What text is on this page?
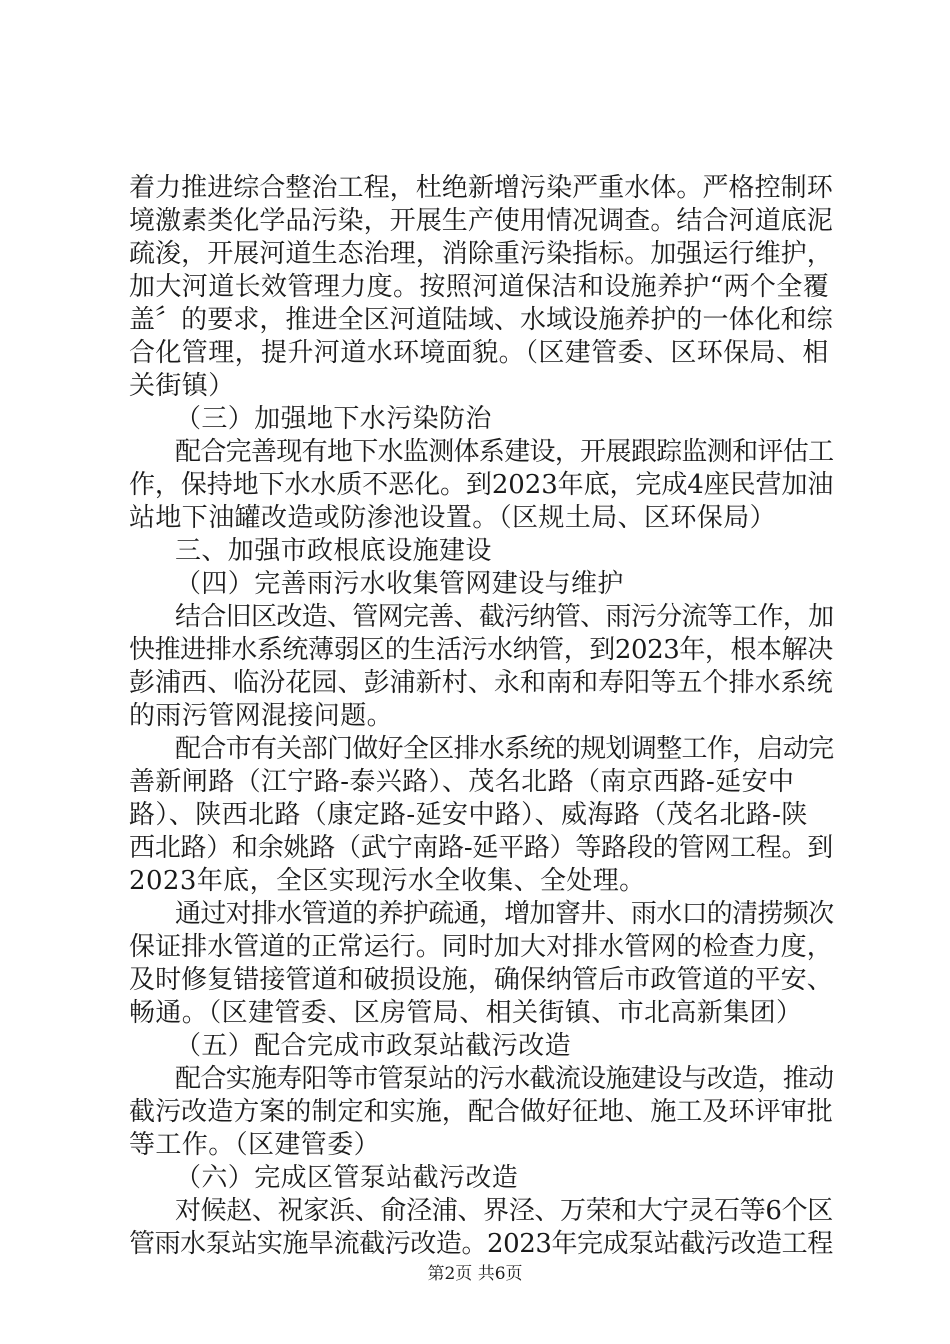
着力推进综合整治工程，杜绝新增污染严重水体。严格控制环
境激素类化学品污染，开展生产使用情况调查。结合河道底泥
疏浚，开展河道生态治理，消除重污染指标。加强运行维护，
加大河道长效管理力度。按照河道保洁和设施养护“两个全覆
盖〞的要求，推进全区河道陆域、水域设施养护的一体化和综
合化管理，提升河道水环境面貌。（区建管委、区环保局、相
关街镇）
（三）加强地下水污染防治
配合完善现有地下水监测体系建设，开展跟踪监测和评估工
作，保持地下水水质不恶化。到2023年底，完成4座民营加油
站地下油罐改造或防渗池设置。（区规土局、区环保局）
三、加强市政根底设施建设
（四）完善雨污水收集管网建设与维护
结合旧区改造、管网完善、截污纳管、雨污分流等工作，加
快推进排水系统薄弱区的生活污水纳管，到2023年，根本解决
彭浦西、临汾花园、彭浦新村、永和南和寿阳等五个排水系统
的雨污管网混接问题。
配合市有关部门做好全区排水系统的规划调整工作，启动完
善新闸路（江宁路-泰兴路）、茂名北路（南京西路-延安中
路）、陕西北路（康定路-延安中路）、威海路（茂名北路-陕
西北路）和余姚路（武宁南路-延平路）等路段的管网工程。到
2023年底，全区实现污水全收集、全处理。
通过对排水管道的养护疏通，增加窨井、雨水口的清捞频次
保证排水管道的正常运行。同时加大对排水管网的检查力度，
及时修复错接管道和破损设施，确保纳管后市政管道的平安、
畅通。（区建管委、区房管局、相关街镇、市北高新集团）
（五）配合完成市政泵站截污改造
配合实施寿阳等市管泵站的污水截流设施建设与改造，推动
截污改造方案的制定和实施，配合做好征地、施工及环评审批
等工作。（区建管委）
（六）完成区管泵站截污改造
对候赵、祝家浜、俞泾浦、界泾、万荣和大宁灵石等6个区
管雨水泵站实施旱流截污改造。2023年完成泵站截污改造工程
第2页 共6页
